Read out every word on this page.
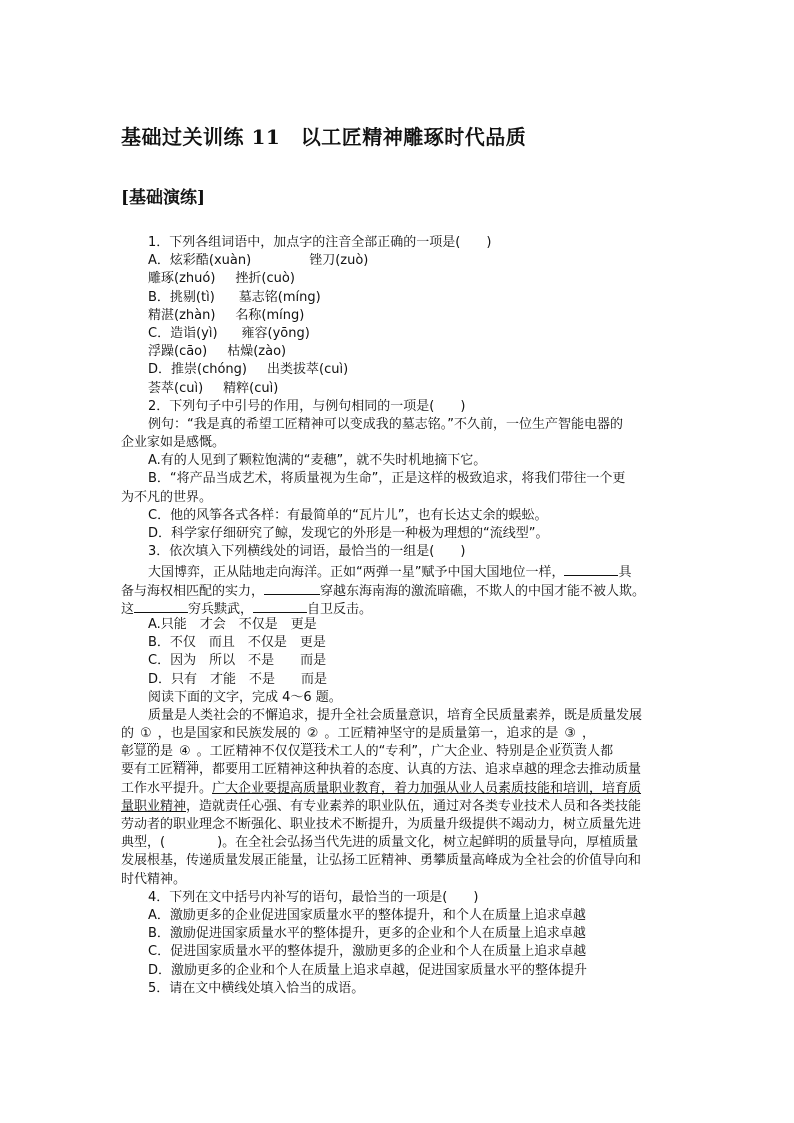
基础过关训练 11　以工匠精神雕琢时代品质
[基础演练]
1．下列各组词语中，加点字的注音全部正确的一项是(　　)
A．炫彩酷(xuàn)	锉刀(zuò)
雕琢(zhuó) 挫折(cuò)
B．挑剔(tì) 墓志铭(míng)
精湛(zhàn) 名称(míng)
C．造诣(yì) 雍容(yōng)
浮躁(cāo) 枯燥(zào)
D．推崇(chóng) 出类拔萃(cuì)
荟萃(cuì) 精粹(cuì)
2．下列句子中引号的作用，与例句相同的一项是(　　)
例句：“我是真的希望工匠精神可以变成我的墓志铭。”不久前，一位生产智能电器的
企业家如是感慨。
A.有的人见到了颗粒饱满的“麦穗”，就不失时机地摘下它。
B．“将产品当成艺术，将质量视为生命”，正是这样的极致追求，将我们带往一个更
为不凡的世界。
C．他的风筝各式各样：有最简单的“瓦片儿”，也有长达丈余的蜈蚣。
D．科学家仔细研究了鲸，发现它的外形是一种极为理想的“流线型”。
3．依次填入下列横线处的词语，最恰当的一组是(　　)
大国博弈，正从陆地走向海洋。正如“两弹一星”赋予中国大国地位一样，	具
备与海权相匹配的实力，	穿越东海南海的激流暗礁，不欺人的中国才能不被人欺。
这	穷兵黩武，	自卫反击。
A.只能　才会　不仅是　更是
B．不仅　而且　不仅是　更是
C．因为　所以　不是　　而是
D．只有　才能　不是　　而是
阅读下面的文字，完成 4～6 题。
质量是人类社会的不懈追求，提升全社会质量意识，培育全民质量素养，既是质量发展
的 ① ，也是国家和民族发展的 ② 。工匠精神坚守的是质量第一，追求的是 ③ ，
彰显的是 ④ 。工匠精神不仅仅是技术工人的“专利”，广大企业、特别是企业负责人都
要有工匠精神，都要用工匠精神这种执着的态度、认真的方法、追求卓越的理念去推动质量
工作水平提升。广大企业要提高质量职业教育，着力加强从业人员素质技能和培训，培育质
量职业精神，造就责任心强、有专业素养的职业队伍，通过对各类专业技术人员和各类技能
劳动者的职业理念不断强化、职业技术不断提升，为质量升级提供不竭动力，树立质量先进
典型，(　　　　)。在全社会弘扬当代先进的质量文化，树立起鲜明的质量导向，厚植质量
发展根基，传递质量发展正能量，让弘扬工匠精神、勇攀质量高峰成为全社会的价值导向和
时代精神。
4．下列在文中括号内补写的语句，最恰当的一项是(　　)
A．激励更多的企业促进国家质量水平的整体提升，和个人在质量上追求卓越
B．激励促进国家质量水平的整体提升，更多的企业和个人在质量上追求卓越
C．促进国家质量水平的整体提升，激励更多的企业和个人在质量上追求卓越
D．激励更多的企业和个人在质量上追求卓越，促进国家质量水平的整体提升
5．请在文中横线处填入恰当的成语。
